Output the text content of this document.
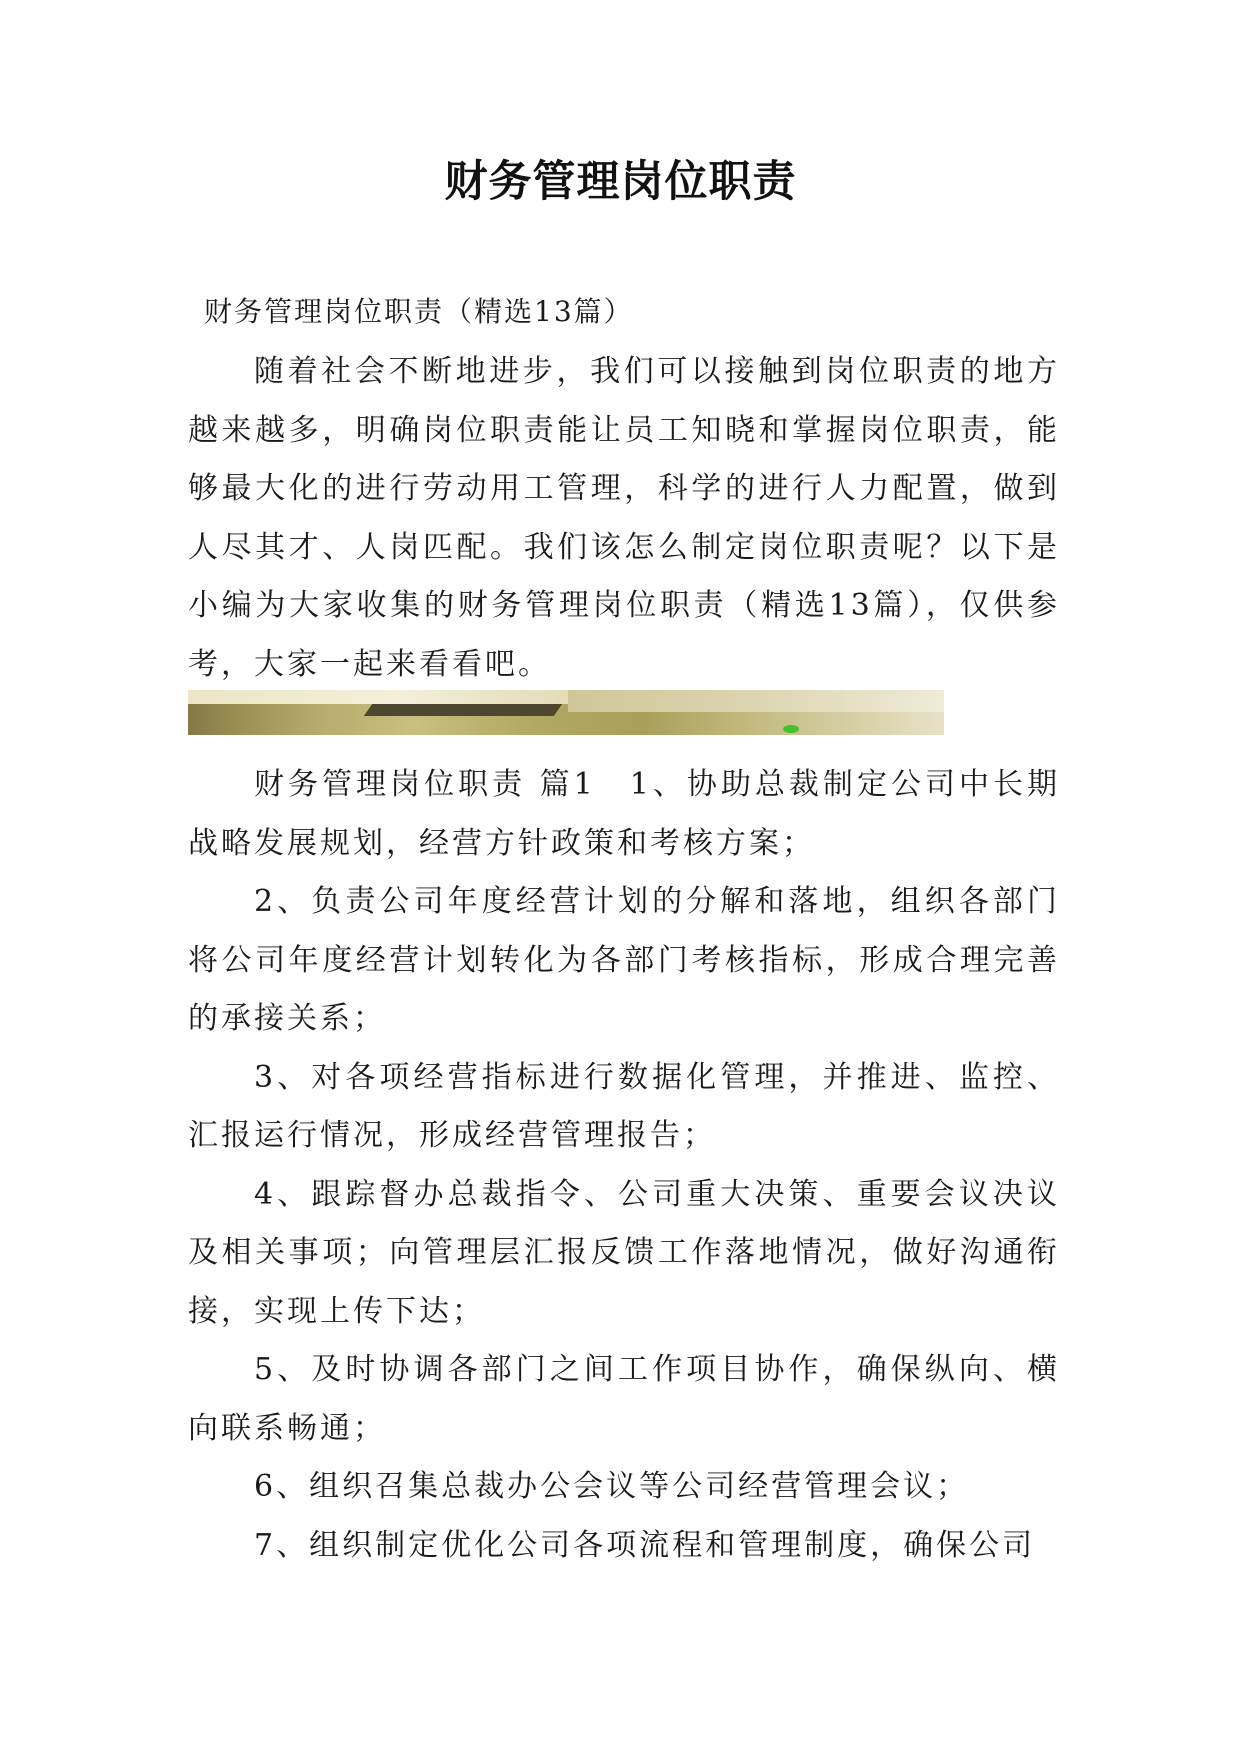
财务管理岗位职责
财务管理岗位职责（精选13篇）

随着社会不断地进步，我们可以接触到岗位职责的地方越来越多，明确岗位职责能让员工知晓和掌握岗位职责，能够最大化的进行劳动用工管理，科学的进行人力配置，做到人尽其才、人岗匹配。我们该怎么制定岗位职责呢？以下是小编为大家收集的财务管理岗位职责（精选13篇），仅供参考，大家一起来看看吧。

财务管理岗位职责 篇1 1、协助总裁制定公司中长期战略发展规划，经营方针政策和考核方案；

2、负责公司年度经营计划的分解和落地，组织各部门将公司年度经营计划转化为各部门考核指标，形成合理完善的承接关系；

3、对各项经营指标进行数据化管理，并推进、监控、汇报运行情况，形成经营管理报告；

4、跟踪督办总裁指令、公司重大决策、重要会议决议及相关事项；向管理层汇报反馈工作落地情况，做好沟通衔接，实现上传下达；

5、及时协调各部门之间工作项目协作，确保纵向、横向联系畅通；

6、组织召集总裁办公会议等公司经营管理会议；

7、组织制定优化公司各项流程和管理制度，确保公司
